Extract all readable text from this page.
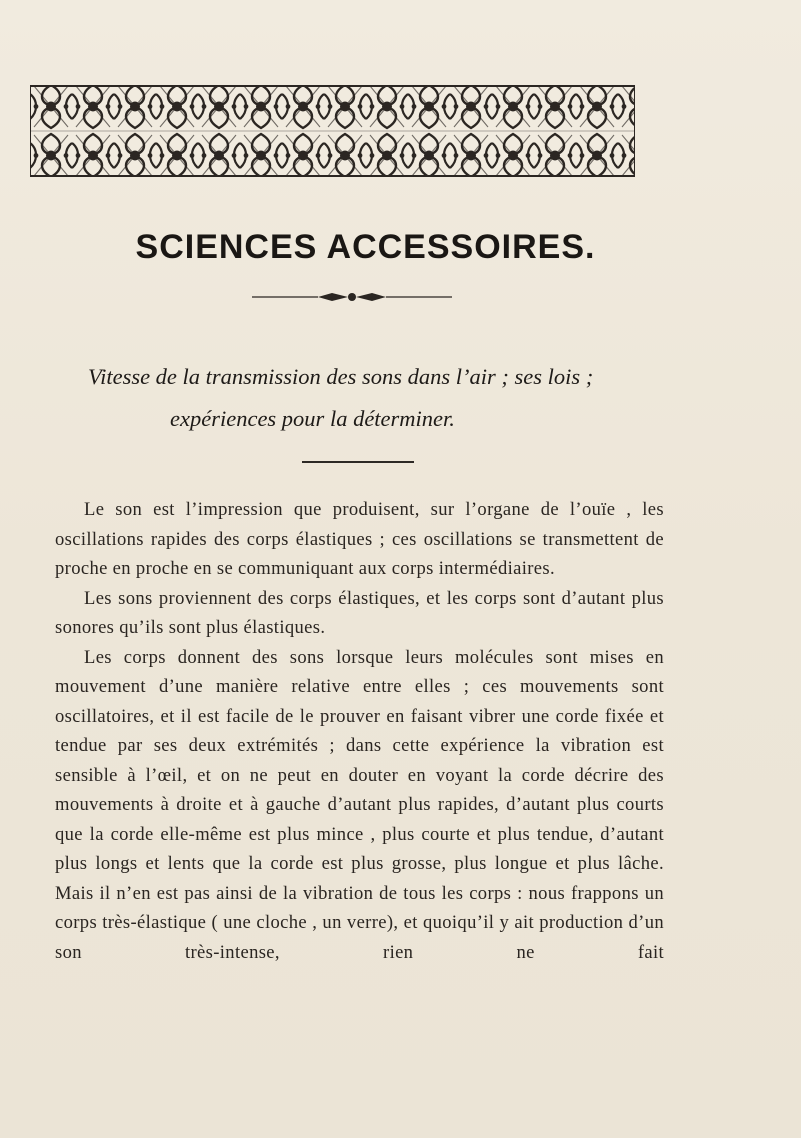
SCIENCES ACCESSOIRES.
Vitesse de la transmission des sons dans l’air ; ses lois ;
expériences pour la déterminer.

Le son est l’impression que produisent, sur l’organe de l’ouïe , les oscillations rapides des corps élastiques ; ces oscillations se transmettent de proche en proche en se communiquant aux corps intermédiaires.

Les sons proviennent des corps élastiques, et les corps sont d’autant plus sonores qu’ils sont plus élastiques.

Les corps donnent des sons lorsque leurs molécules sont mises en mouvement d’une manière relative entre elles ; ces mouvements sont oscillatoires, et il est facile de le prouver en faisant vibrer une corde fixée et tendue par ses deux extrémités ; dans cette expérience la vibration est sensible à l’œil, et on ne peut en douter en voyant la corde décrire des mouvements à droite et à gauche d’autant plus rapides, d’autant plus courts que la corde elle-même est plus mince , plus courte et plus tendue, d’autant plus longs et lents que la corde est plus grosse, plus longue et plus lâche. Mais il n’en est pas ainsi de la vibration de tous les corps : nous frappons un corps très-élastique ( une cloche , un verre), et quoiqu’il y ait production d’un son très-intense, rien ne fait
